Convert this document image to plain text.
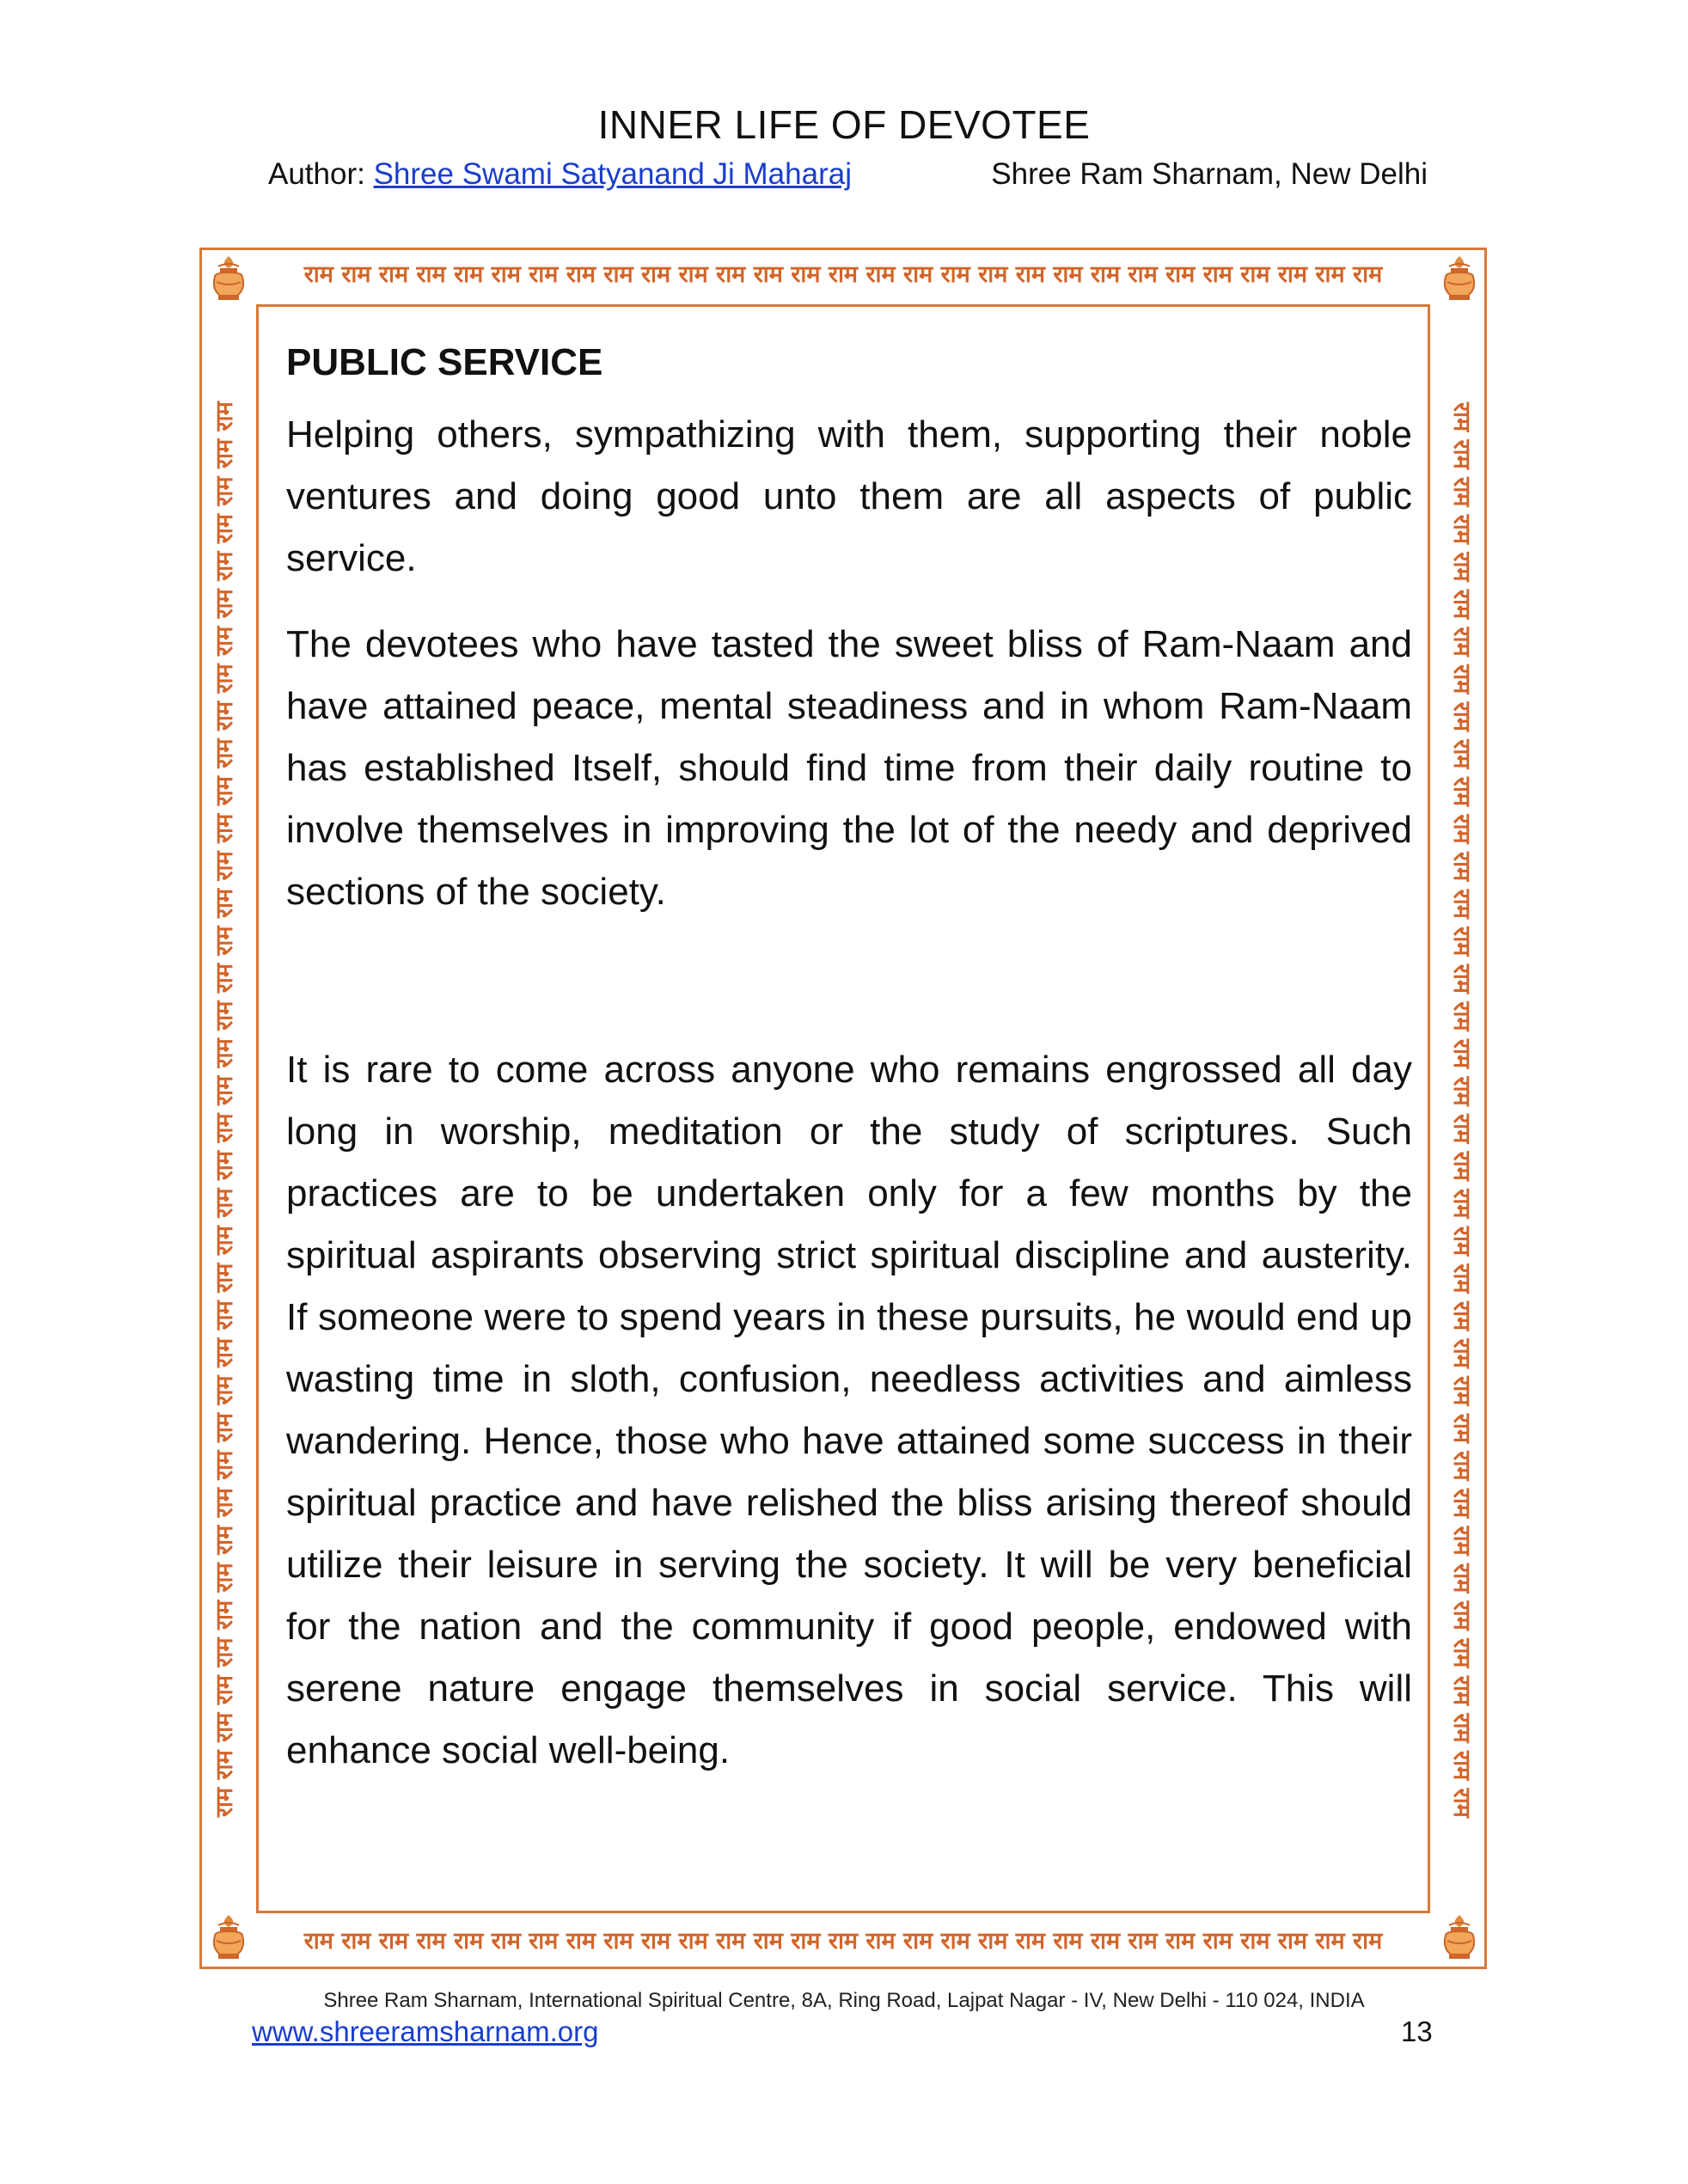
INNER LIFE OF DEVOTEE
Author: Shree Swami Satyanand Ji Maharaj	Shree Ram Sharnam, New Delhi
राम राम राम राम राम राम राम राम राम राम राम राम राम राम राम राम राम राम राम राम राम राम राम राम राम राम राम राम राम
राम राम राम राम राम राम राम राम राम राम राम राम राम राम राम राम राम राम राम राम राम राम राम राम राम राम राम राम राम
राम राम राम राम राम राम राम राम राम राम राम राम राम राम राम राम राम राम राम राम राम राम राम राम राम राम राम राम राम राम राम राम राम राम राम राम राम राम	राम राम राम राम राम राम राम राम राम राम राम राम राम राम राम राम राम राम राम राम राम राम राम राम राम राम राम राम राम राम राम राम राम राम राम राम राम राम
PUBLIC SERVICE

Helping others, sympathizing with them, supporting their noble ventures and doing good unto them are all aspects of public service.

The devotees who have tasted the sweet bliss of Ram-Naam and have attained peace, mental steadiness and in whom Ram-Naam has established Itself, should find time from their daily routine to involve themselves in improving the lot of the needy and deprived sections of the society.

It is rare to come across anyone who remains engrossed all day long in worship, meditation or the study of scriptures. Such practices are to be undertaken only for a few months by the spiritual aspirants observing strict spiritual discipline and austerity. If someone were to spend years in these pursuits, he would end up wasting time in sloth, confusion, needless activities and aimless wandering. Hence, those who have attained some success in their spiritual practice and have relished the bliss arising thereof should utilize their leisure in serving the society. It will be very beneficial for the nation and the community if good people, endowed with serene nature engage themselves in social service. This will enhance social well-being.

Shree Ram Sharnam, International Spiritual Centre, 8A, Ring Road, Lajpat Nagar - IV, New Delhi - 110 024, INDIA
www.shreeramsharnam.org	13
